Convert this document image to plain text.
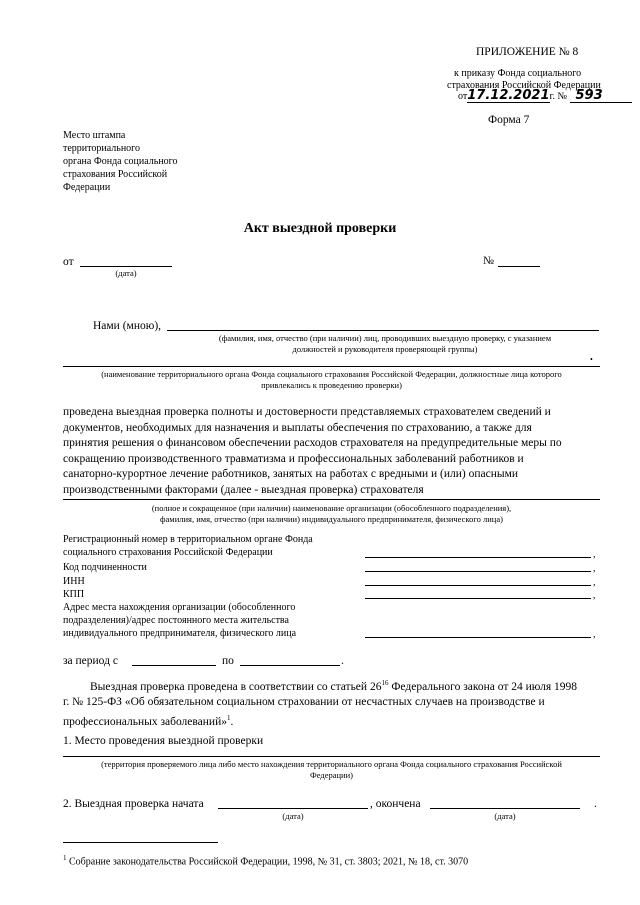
ПРИЛОЖЕНИЕ № 8
к приказу Фонда социального
страхования Российской Федерации
от17.12.2021г. № 593
Форма 7
Место штампа
территориального
органа Фонда социального
страхования Российской
Федерации
Акт выездной проверки
от
(дата)
№
Нами (мною),
(фамилия, имя, отчество (при наличии) лиц, проводивших выездную проверку, с указанием
должностей и руководителя проверяющей группы)
•
(наименование территориального органа Фонда социального страхования Российской Федерации, должностные лица которого
привлекались к проведению проверки)
проведена выездная проверка полноты и достоверности представляемых страхователем сведений и
документов, необходимых для назначения и выплаты обеспечения по страхованию, а также для
принятия решения о финансовом обеспечении расходов страхователя на предупредительные меры по
сокращению производственного травматизма и профессиональных заболеваний работников и
санаторно-курортное лечение работников, занятых на работах с вредными и (или) опасными
производственными факторами (далее - выездная проверка) страхователя
(полное и сокращенное (при наличии) наименование организации (обособленного подразделения),
фамилия, имя, отчество (при наличии) индивидуального предпринимателя, физического лица)
Регистрационный номер в территориальном органе Фонда
социального страхования Российской Федерации	,
Код подчиненности	,
ИНН	,
КПП	,
Адрес места нахождения организации (обособленного
подразделения)/адрес постоянного места жительства
индивидуального предпринимателя, физического лица	,
за период с	по	.
Выездная проверка проведена в соответствии со статьей $26^{16}$ Федерального закона от 24 июля 1998
г. № 125-ФЗ «Об обязательном социальном страховании от несчастных случаев на производстве и
профессиональных заболеваний»$^1$.
1. Место проведения выездной проверки
(территория проверяемого лица либо место нахождения территориального органа Фонда социального страхования Российской
Федерации)
2. Выездная проверка начата
(дата)
, окончена
(дата)
.
$^1$ Собрание законодательства Российской Федерации, 1998, № 31, ст. 3803; 2021, № 18, ст. 3070
